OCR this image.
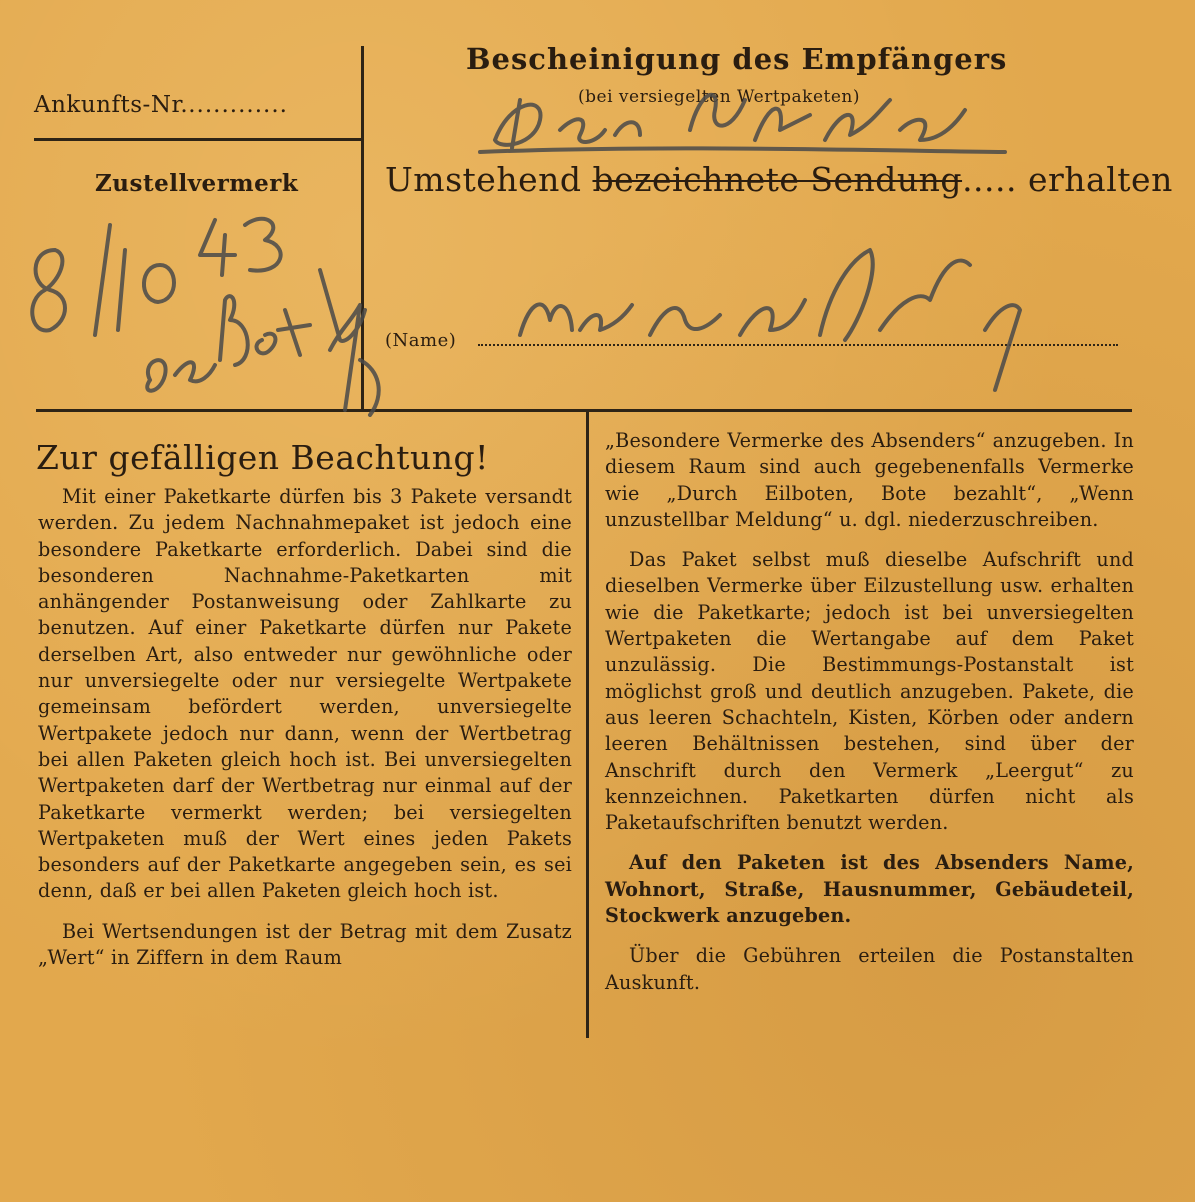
Ankunfts-Nr.............
Zustellvermerk
Bescheinigung des Empfängers
(bei versiegelten Wertpaketen)
Umstehend bezeichnete Sendung..... erhalten
(Name)
Zur gefälligen Beachtung!

Mit einer Paketkarte dürfen bis 3 Pakete versandt werden. Zu jedem Nachnahmepaket ist jedoch eine besondere Paketkarte erforderlich. Dabei sind die besonderen Nachnahme-Paketkarten mit anhängender Postanweisung oder Zahlkarte zu benutzen. Auf einer Paketkarte dürfen nur Pakete derselben Art, also entweder nur gewöhnliche oder nur unversiegelte oder nur versiegelte Wertpakete gemeinsam befördert werden, unversiegelte Wertpakete jedoch nur dann, wenn der Wertbetrag bei allen Paketen gleich hoch ist. Bei unversiegelten Wertpaketen darf der Wertbetrag nur einmal auf der Paketkarte vermerkt werden; bei versiegelten Wertpaketen muß der Wert eines jeden Pakets besonders auf der Paketkarte angegeben sein, es sei denn, daß er bei allen Paketen gleich hoch ist.

Bei Wertsendungen ist der Betrag mit dem Zusatz „Wert“ in Ziffern in dem Raum

„Besondere Vermerke des Absenders“ anzugeben. In diesem Raum sind auch gegebenenfalls Vermerke wie „Durch Eilboten, Bote bezahlt“, „Wenn unzustellbar Meldung“ u. dgl. niederzuschreiben.

Das Paket selbst muß dieselbe Aufschrift und dieselben Vermerke über Eilzustellung usw. erhalten wie die Paketkarte; jedoch ist bei unversiegelten Wertpaketen die Wertangabe auf dem Paket unzulässig. Die Bestimmungs-Postanstalt ist möglichst groß und deutlich anzugeben. Pakete, die aus leeren Schachteln, Kisten, Körben oder andern leeren Behältnissen bestehen, sind über der Anschrift durch den Vermerk „Leergut“ zu kennzeichnen. Paketkarten dürfen nicht als Paketaufschriften benutzt werden.

Auf den Paketen ist des Absenders Name, Wohnort, Straße, Hausnummer, Gebäudeteil, Stockwerk anzugeben.

Über die Gebühren erteilen die Postanstalten Auskunft.
